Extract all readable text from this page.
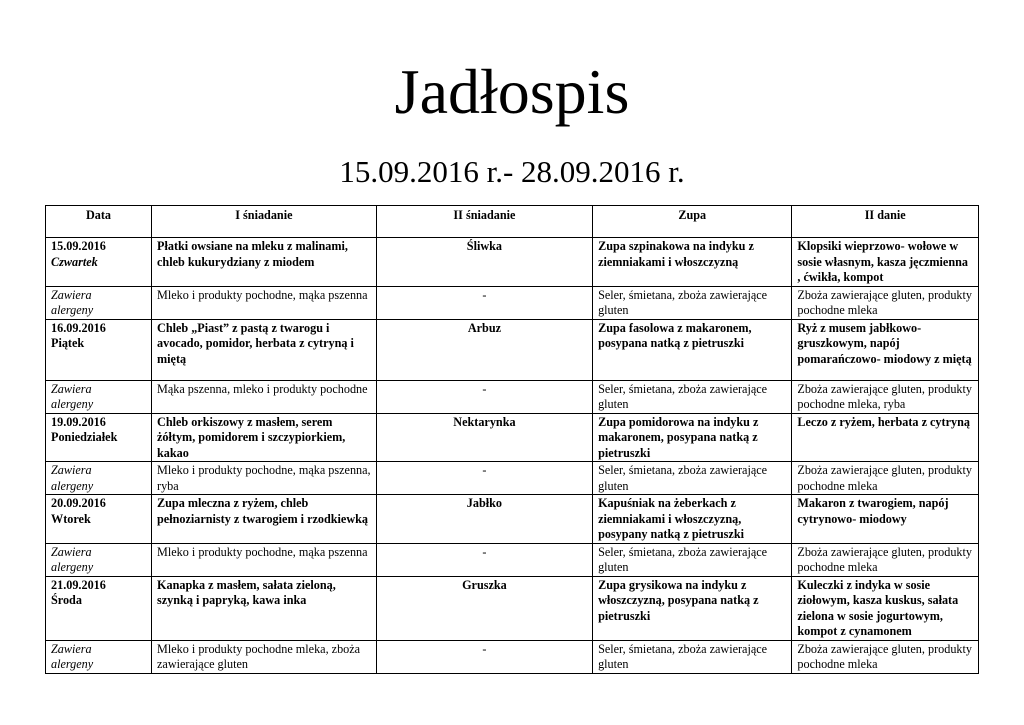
Jadłospis
15.09.2016 r.- 28.09.2016 r.
Data	I śniadanie	II śniadanie	Zupa	II danie

15.09.2016
Czwartek	Płatki owsiane na mleku z malinami, chleb kukurydziany z miodem	Śliwka	Zupa szpinakowa na indyku z ziemniakami i włoszczyzną	Klopsiki wieprzowo- wołowe w sosie własnym, kasza jęczmienna , ćwikła, kompot

Zawiera
alergeny	Mleko i produkty pochodne, mąka pszenna	-	Seler, śmietana, zboża zawierające gluten	Zboża zawierające gluten, produkty pochodne mleka

16.09.2016
Piątek	Chleb „Piast” z pastą z twarogu i avocado, pomidor, herbata z cytryną i miętą	Arbuz	Zupa fasolowa z makaronem, posypana natką z pietruszki	Ryż z musem jabłkowo-gruszkowym, napój pomarańczowo- miodowy z miętą

Zawiera
alergeny	Mąka pszenna, mleko i produkty pochodne	-	Seler, śmietana, zboża zawierające gluten	Zboża zawierające gluten, produkty pochodne mleka, ryba

19.09.2016
Poniedziałek	Chleb orkiszowy z masłem, serem żółtym, pomidorem i szczypiorkiem, kakao	Nektarynka	Zupa pomidorowa na indyku z makaronem, posypana natką z pietruszki	Leczo z ryżem, herbata z cytryną

Zawiera
alergeny	Mleko i produkty pochodne, mąka pszenna, ryba	-	Seler, śmietana, zboża zawierające gluten	Zboża zawierające gluten, produkty pochodne mleka

20.09.2016
Wtorek	Zupa mleczna z ryżem, chleb pełnoziarnisty z twarogiem i rzodkiewką	Jabłko	Kapuśniak na żeberkach z ziemniakami i włoszczyzną, posypany natką z pietruszki	Makaron z twarogiem, napój cytrynowo- miodowy

Zawiera
alergeny	Mleko i produkty pochodne, mąka pszenna	-	Seler, śmietana, zboża zawierające gluten	Zboża zawierające gluten, produkty pochodne mleka

21.09.2016
Środa	Kanapka z masłem, sałata zieloną, szynką i papryką, kawa inka	Gruszka	Zupa grysikowa na indyku z włoszczyzną, posypana natką z pietruszki	Kuleczki z indyka w sosie ziołowym, kasza kuskus, sałata zielona w sosie jogurtowym, kompot z cynamonem

Zawiera
alergeny	Mleko i produkty pochodne mleka, zboża zawierające gluten	-	Seler, śmietana, zboża zawierające gluten	Zboża zawierające gluten, produkty pochodne mleka
